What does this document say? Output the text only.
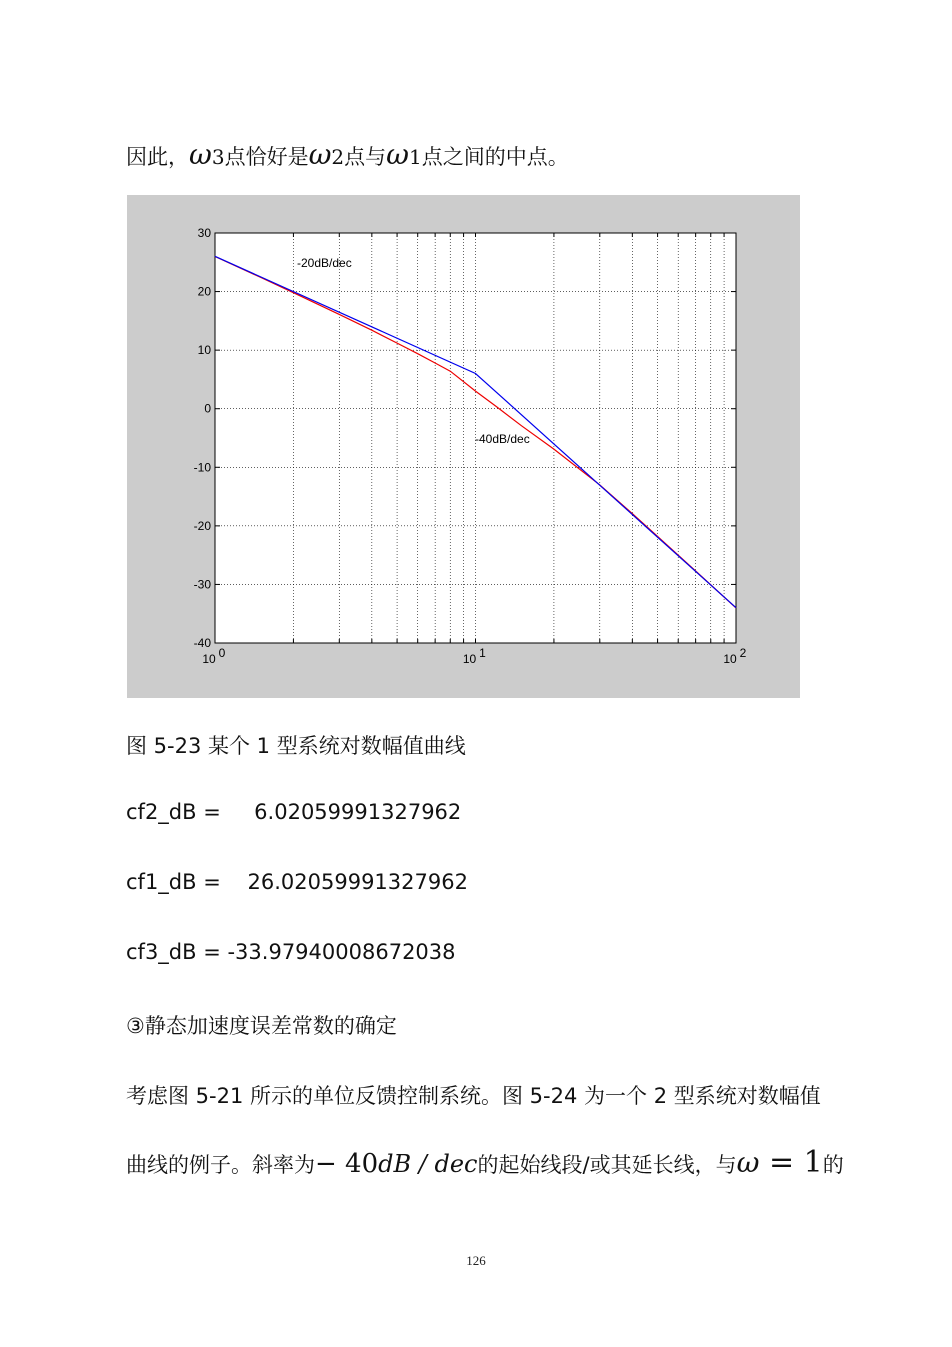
因此，ω3点恰好是ω2点与ω1点之间的中点。
30
20
10
0
-10
-20
-30
-40
10 0	10 1	10 2
-20dB/dec
-40dB/dec
图 5-23 某个 1 型系统对数幅值曲线
cf2_dB =     6.02059991327962
cf1_dB =    26.02059991327962
cf3_dB = -33.97940008672038
③静态加速度误差常数的确定
考虑图 5-21 所示的单位反馈控制系统。图 5-24 为一个 2 型系统对数幅值
曲线的例子。斜率为− 40dB / dec的起始线段/或其延长线，与ω = 1的
126
